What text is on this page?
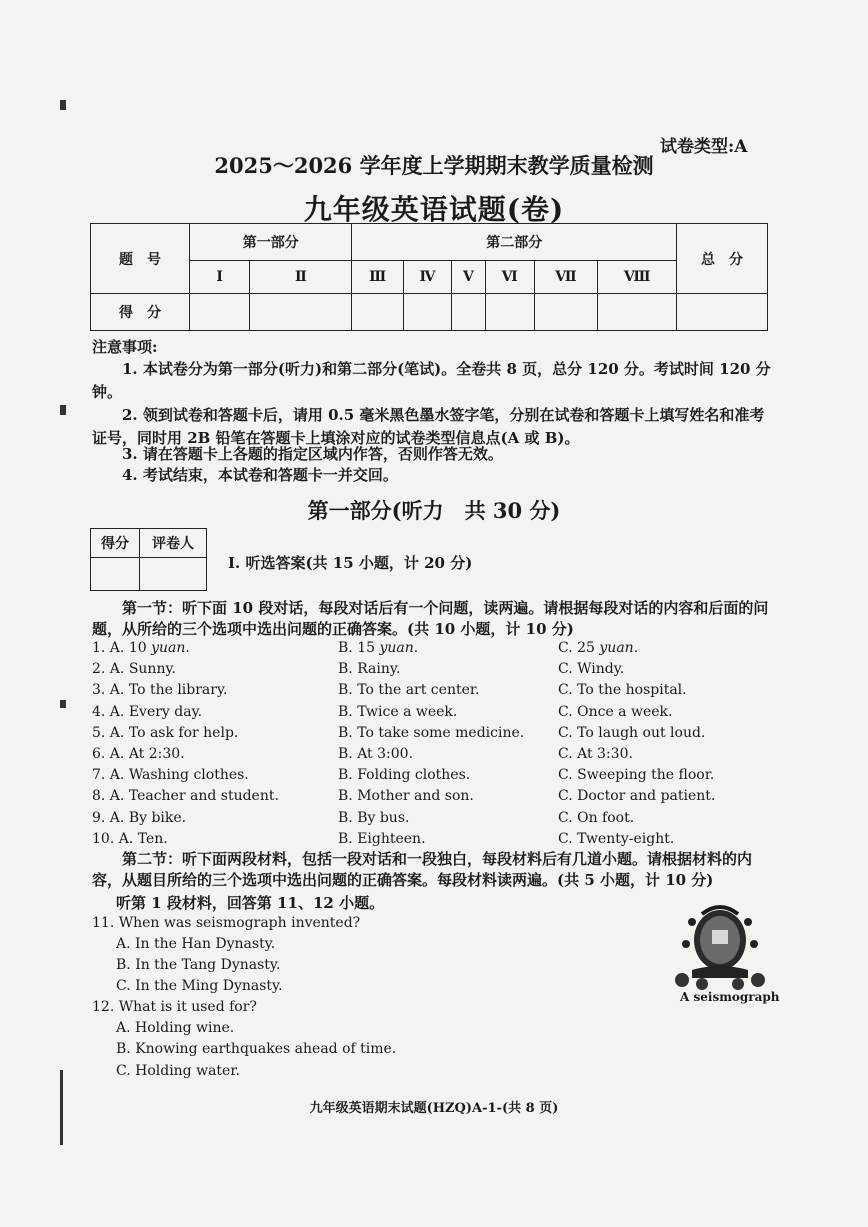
试卷类型:A
2025～2026 学年度上学期期末教学质量检测
九年级英语试题(卷)
题　号	第一部分		第二部分						总　分
	Ⅰ	Ⅱ	Ⅲ	Ⅳ	Ⅴ	Ⅵ	Ⅶ	Ⅷ	
得　分									
注意事项:
1. 本试卷分为第一部分(听力)和第二部分(笔试)。全卷共 8 页，总分 120 分。考试时间 120 分钟。
2. 领到试卷和答题卡后，请用 0.5 毫米黑色墨水签字笔，分别在试卷和答题卡上填写姓名和准考证号，同时用 2B 铅笔在答题卡上填涂对应的试卷类型信息点(A 或 B)。
3. 请在答题卡上各题的指定区域内作答，否则作答无效。
4. 考试结束，本试卷和答题卡一并交回。
第一部分(听力　共 30 分)
得分	评卷人

Ⅰ. 听选答案(共 15 小题，计 20 分)
第一节：听下面 10 段对话，每段对话后有一个问题，读两遍。请根据每段对话的内容和后面的问题，从所给的三个选项中选出问题的正确答案。(共 10 小题，计 10 分)
1. A. 10 yuan.	B. 15 yuan.	C. 25 yuan.
2. A. Sunny.	B. Rainy.	C. Windy.
3. A. To the library.	B. To the art center.	C. To the hospital.
4. A. Every day.	B. Twice a week.	C. Once a week.
5. A. To ask for help.	B. To take some medicine. C. To laugh out loud.
6. A. At 2:30.	B. At 3:00.	C. At 3:30.
7. A. Washing clothes.	B. Folding clothes.	C. Sweeping the floor.
8. A. Teacher and student.	B. Mother and son.	C. Doctor and patient.
9. A. By bike.	B. By bus.	C. On foot.
10. A. Ten.	B. Eighteen.	C. Twenty-eight.
第二节：听下面两段材料，包括一段对话和一段独白，每段材料后有几道小题。请根据材料的内容，从题目所给的三个选项中选出问题的正确答案。每段材料读两遍。(共 5 小题，计 10 分)
听第 1 段材料，回答第 11、12 小题。
11. When was seismograph invented?
A. In the Han Dynasty.
B. In the Tang Dynasty.
C. In the Ming Dynasty.
12. What is it used for?
A. Holding wine.
B. Knowing earthquakes ahead of time.
C. Holding water.
A seismograph
九年级英语期末试题(HZQ)A-1-(共 8 页)
